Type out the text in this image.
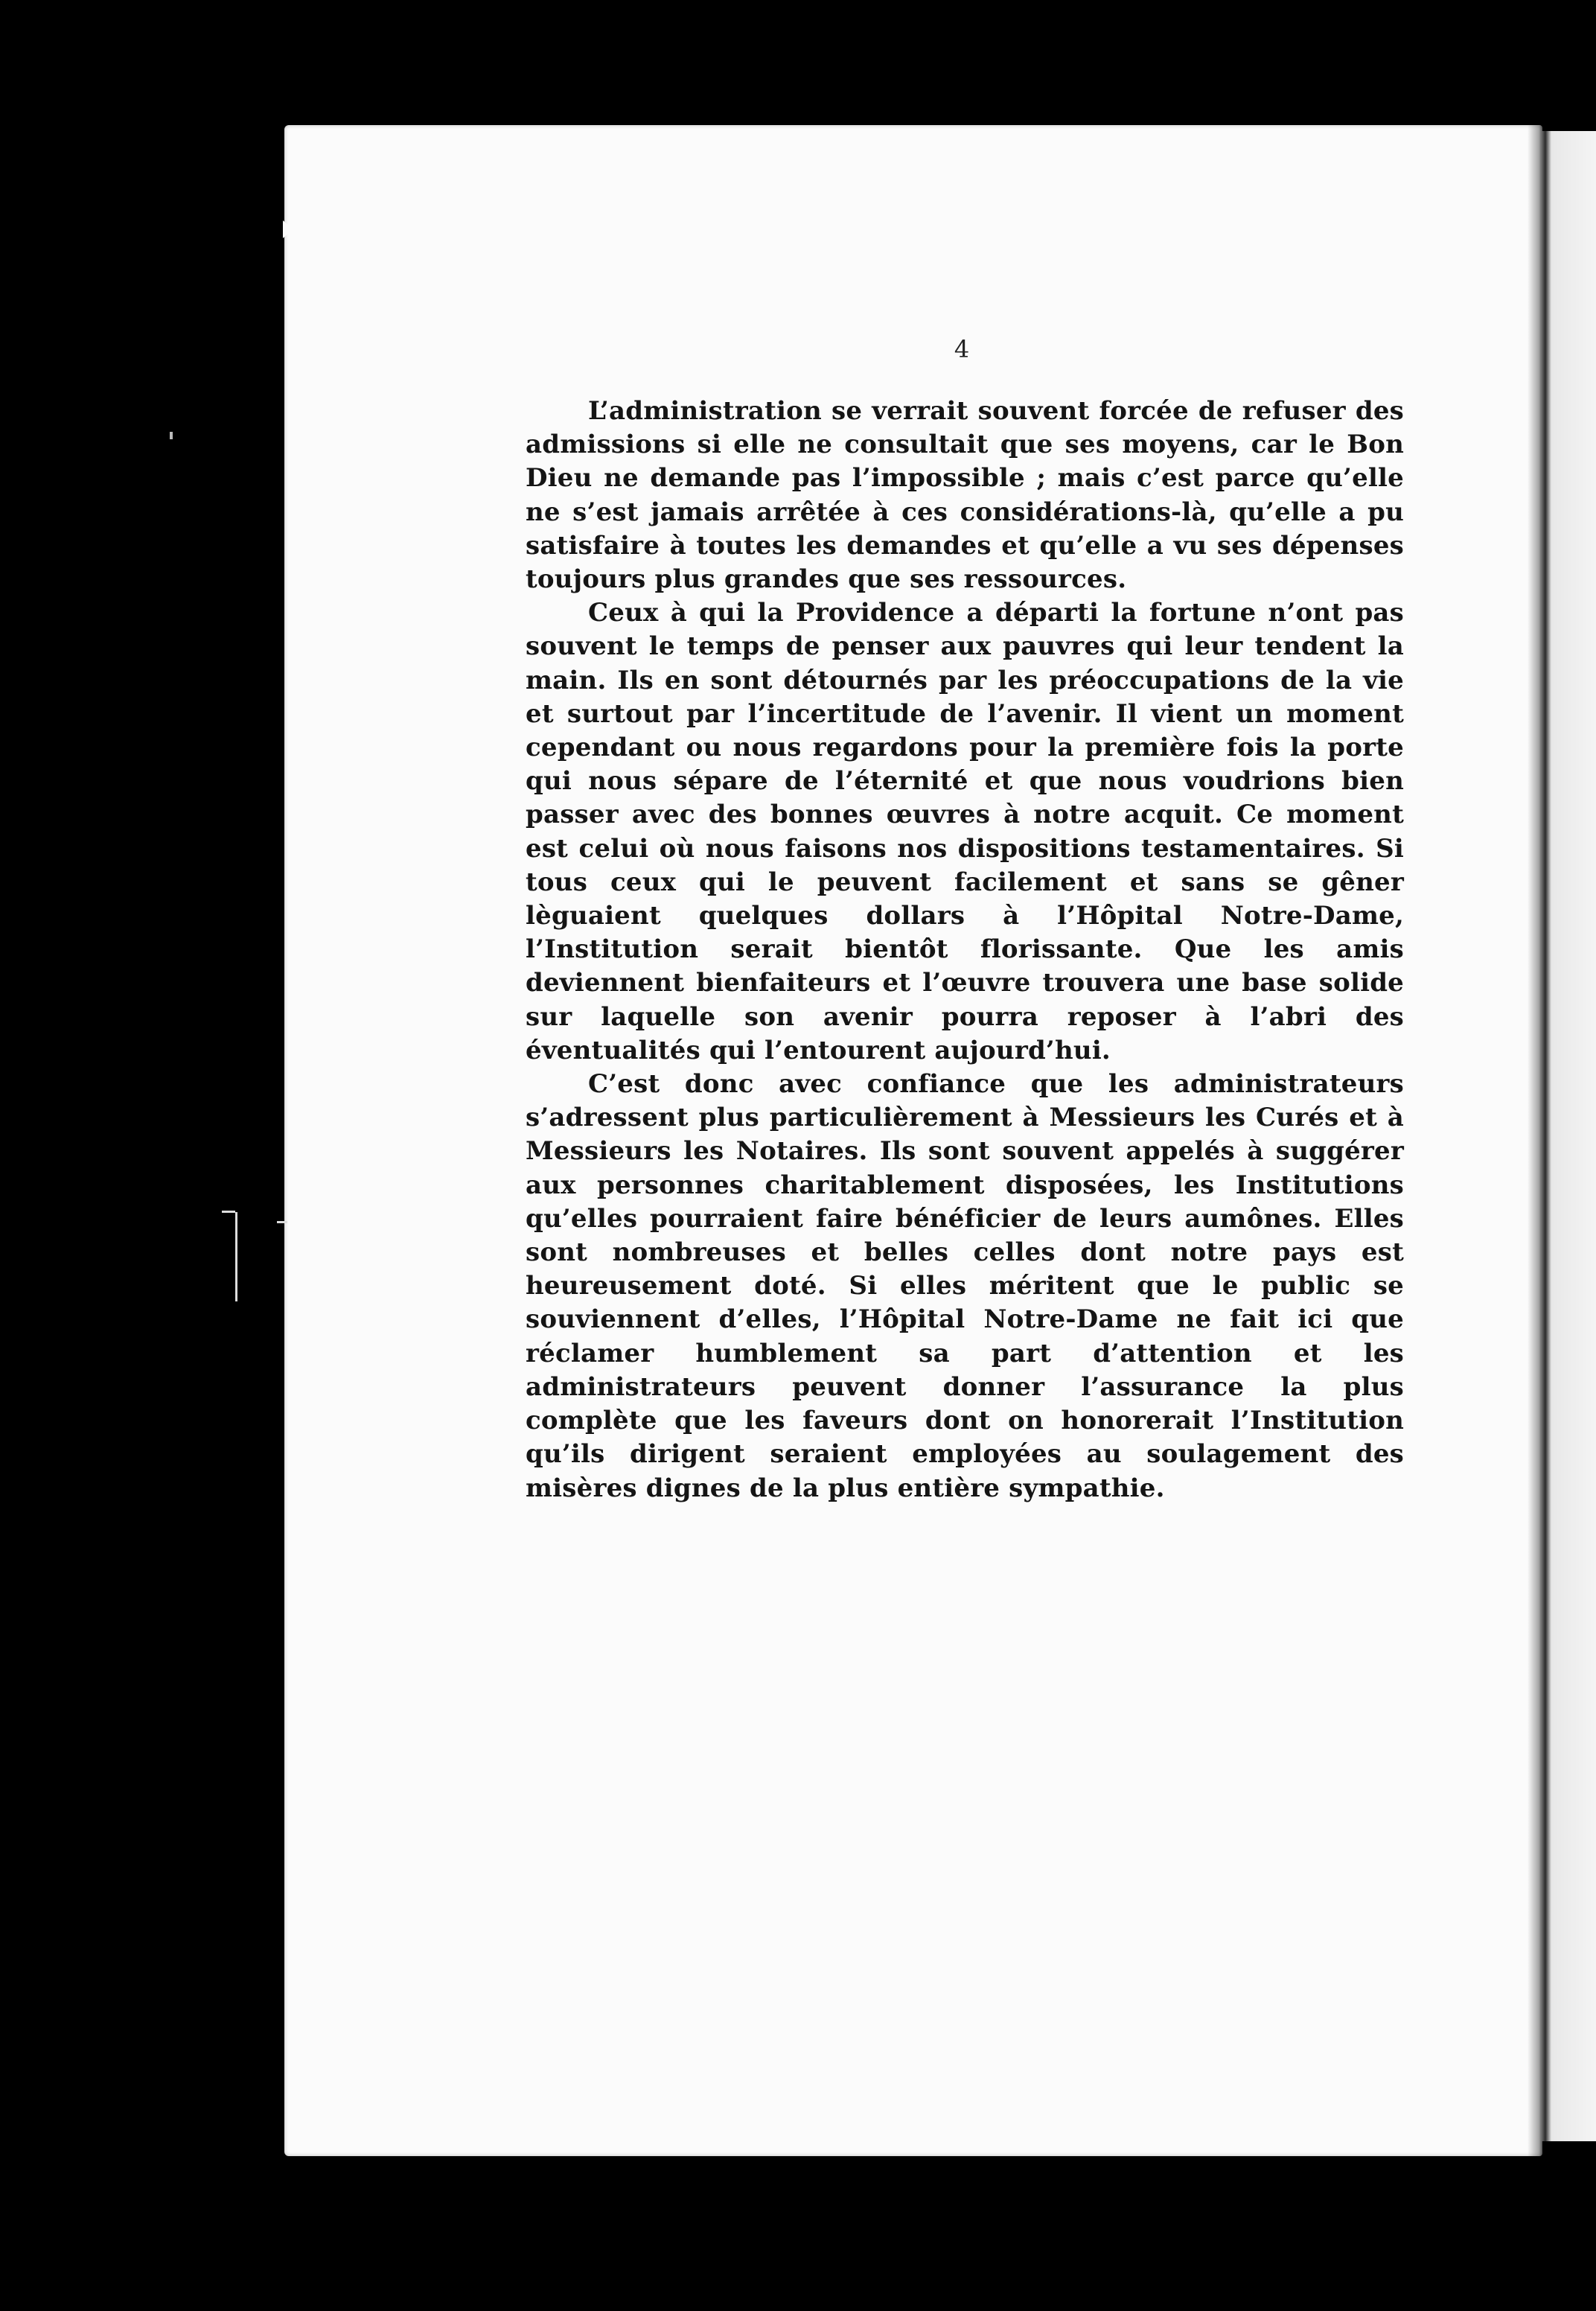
4

L’administration se verrait souvent forcée de refuser des admissions si elle ne consultait que ses moyens, car le Bon Dieu ne demande pas l’impossible ; mais c’est parce qu’elle ne s’est jamais arrêtée à ces considérations-là, qu’elle a pu satisfaire à toutes les demandes et qu’elle a vu ses dépenses toujours plus grandes que ses ressources.

Ceux à qui la Providence a départi la fortune n’ont pas souvent le temps de penser aux pauvres qui leur tendent la main. Ils en sont détournés par les préoccupations de la vie et surtout par l’incertitude de l’avenir. Il vient un moment cependant ou nous regardons pour la première fois la porte qui nous sépare de l’éternité et que nous voudrions bien passer avec des bonnes œuvres à notre acquit. Ce moment est celui où nous faisons nos dispositions testamentaires. Si tous ceux qui le peuvent facilement et sans se gêner lèguaient quelques dollars à l’Hôpital Notre-Dame, l’Institution serait bientôt florissante. Que les amis deviennent bienfaiteurs et l’œuvre trouvera une base solide sur laquelle son avenir pourra reposer à l’abri des éventualités qui l’entourent aujourd’hui.

C’est donc avec confiance que les administrateurs s’adressent plus particulièrement à Messieurs les Curés et à Messieurs les Notaires. Ils sont souvent appelés à suggérer aux personnes charitablement disposées, les Institutions qu’elles pourraient faire bénéficier de leurs aumônes. Elles sont nombreuses et belles celles dont notre pays est heureusement doté. Si elles méritent que le public se souviennent d’elles, l’Hôpital Notre-Dame ne fait ici que réclamer humblement sa part d’attention et les administrateurs peuvent donner l’assurance la plus complète que les faveurs dont on honorerait l’Institution qu’ils dirigent seraient employées au soulagement des misères dignes de la plus entière sympathie.
